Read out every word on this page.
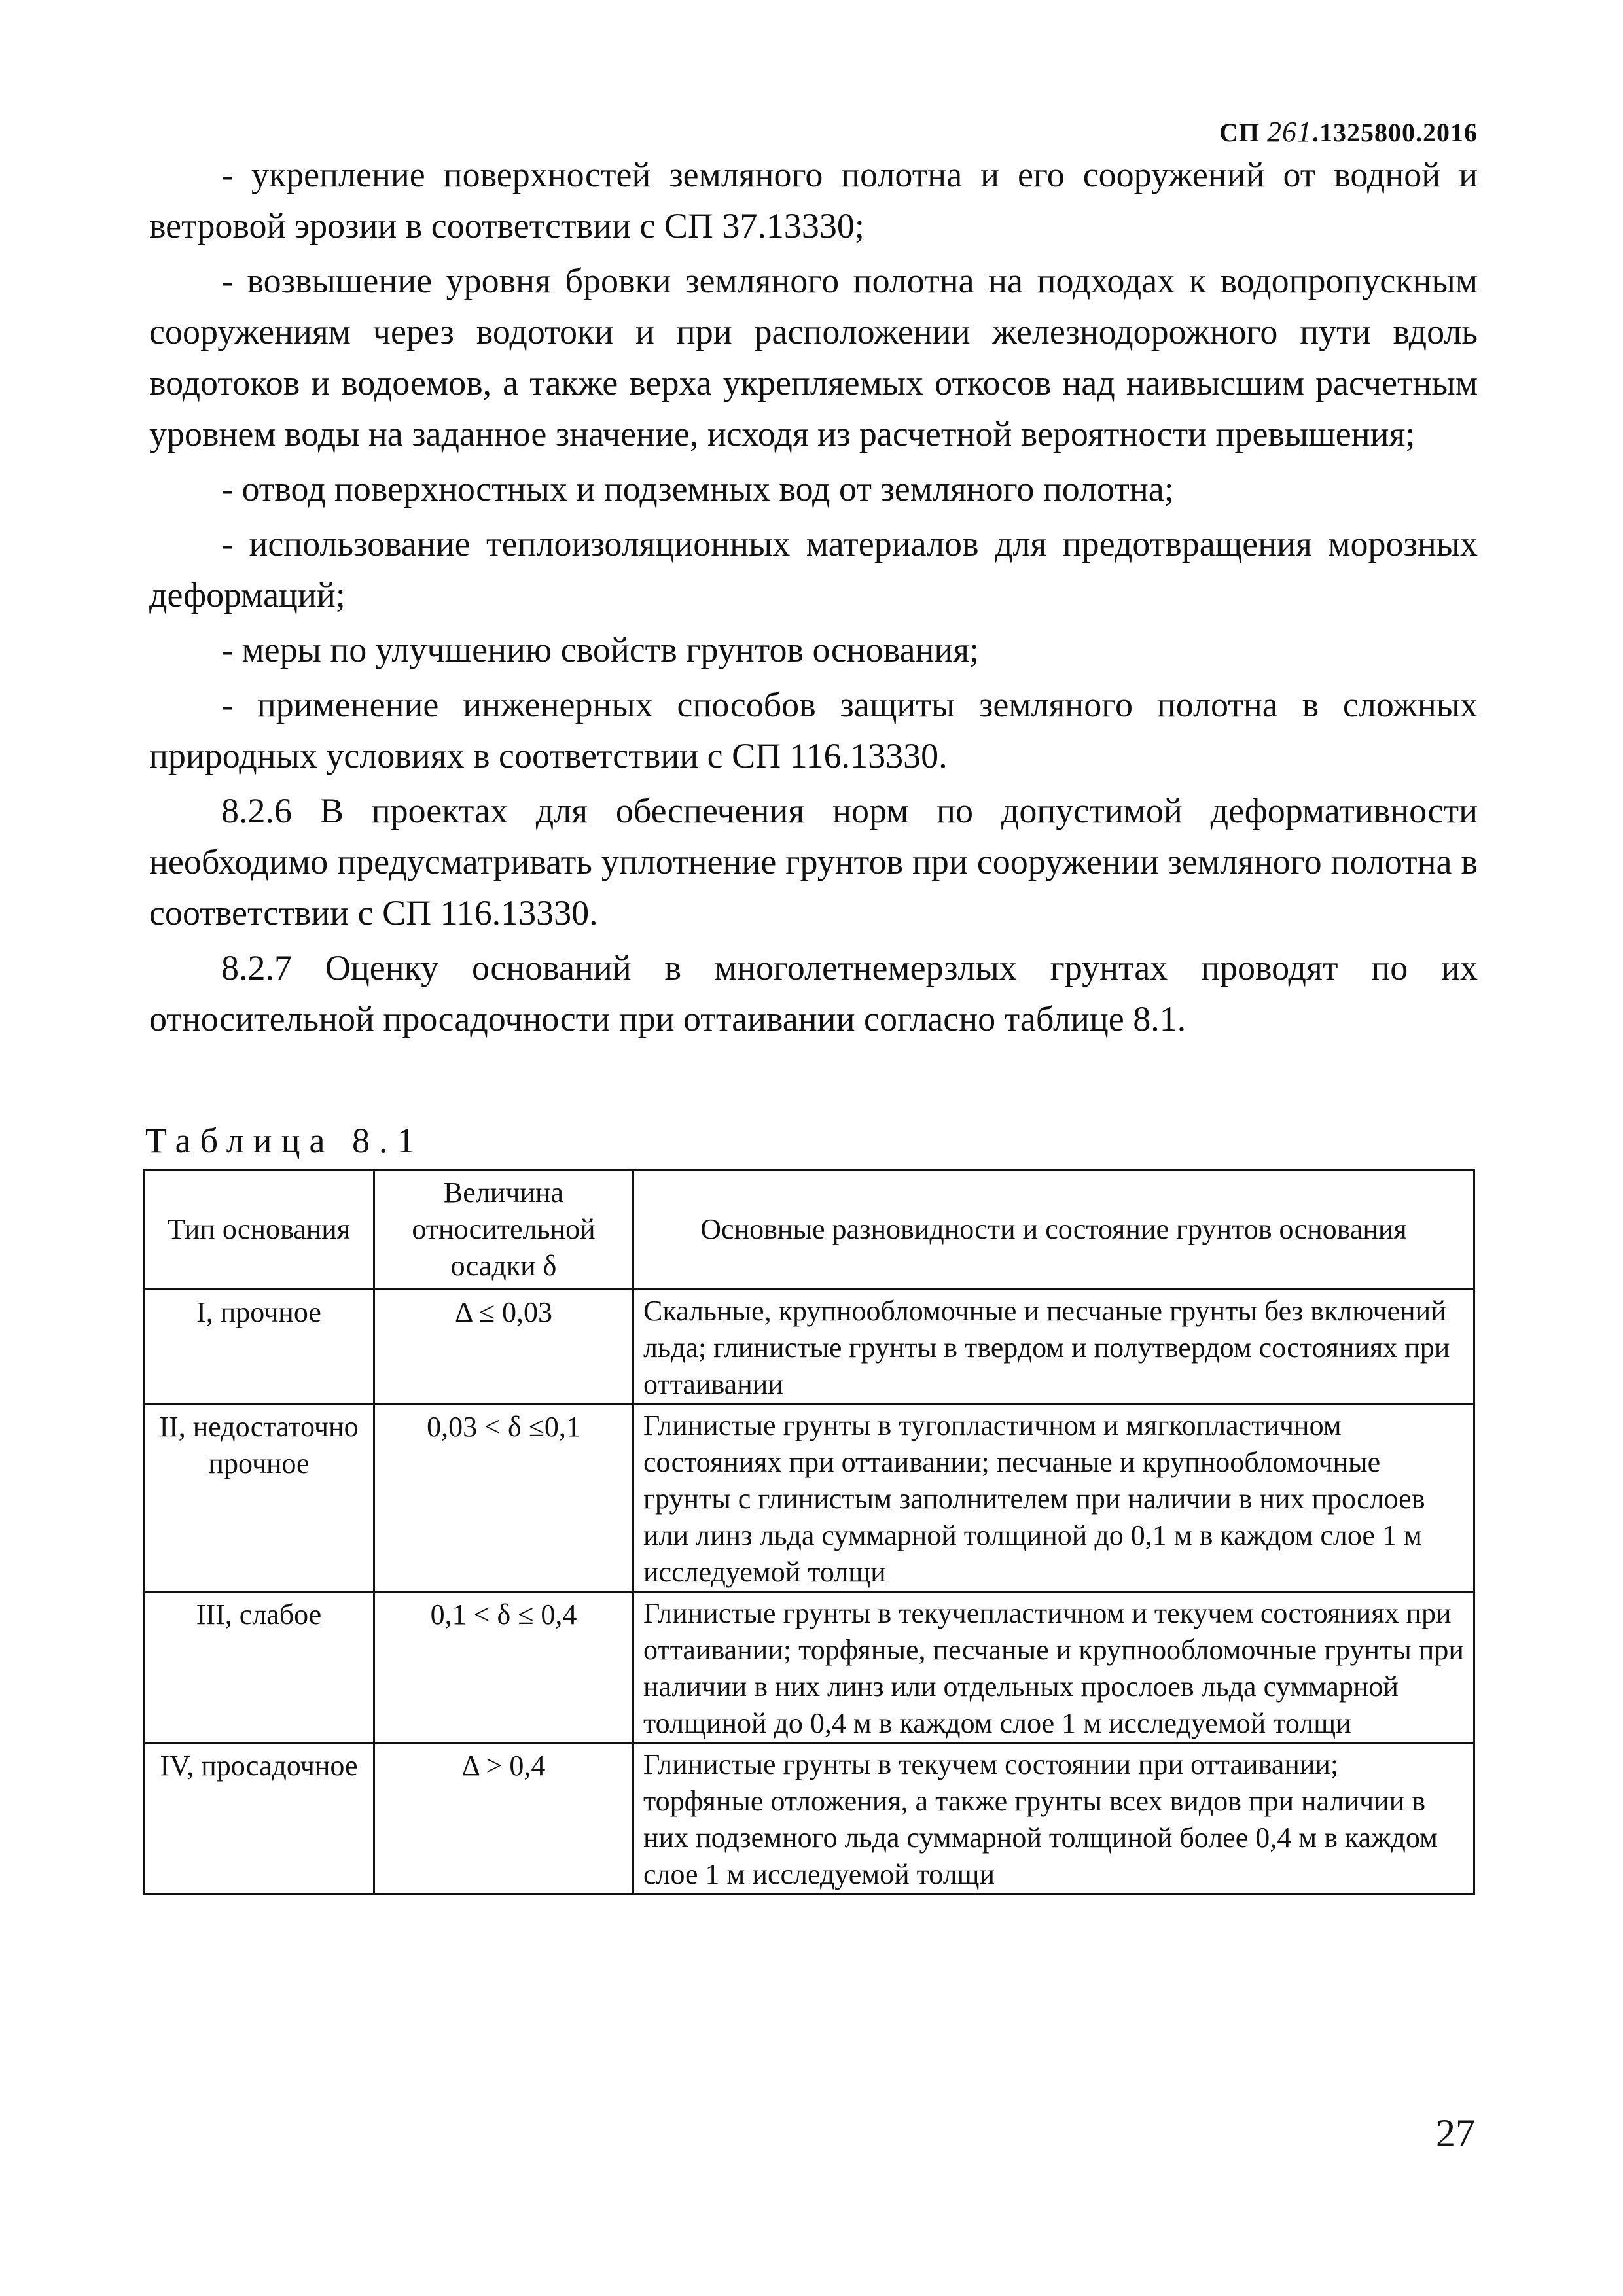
СП 261.1325800.2016

- укрепление поверхностей земляного полотна и его сооружений от водной и ветровой эрозии в соответствии с СП 37.13330;

- возвышение уровня бровки земляного полотна на подходах к водопропускным сооружениям через водотоки и при расположении железнодорожного пути вдоль водотоков и водоемов, а также верха укрепляемых откосов над наивысшим расчетным уровнем воды на заданное значение, исходя из расчетной вероятности превышения;

- отвод поверхностных и подземных вод от земляного полотна;

- использование теплоизоляционных материалов для предотвращения морозных деформаций;

- меры по улучшению свойств грунтов основания;

- применение инженерных способов защиты земляного полотна в сложных природных условиях в соответствии с СП 116.13330.

8.2.6 В проектах для обеспечения норм по допустимой деформативности необходимо предусматривать уплотнение грунтов при сооружении земляного полотна в соответствии с СП 116.13330.

8.2.7 Оценку оснований в многолетнемерзлых грунтах проводят по их относительной просадочности при оттаивании согласно таблице 8.1.

Таблица 8.1
Тип основания	Величина относительной осадки δ	Основные разновидности и состояние грунтов основания
I, прочное	Δ ≤ 0,03	Скальные, крупнообломочные и песчаные грунты без включений льда; глинистые грунты в твердом и полутвердом состояниях при оттаивании
II, недостаточно прочное	0,03 < δ ≤0,1	Глинистые грунты в тугопластичном и мягкопластичном состояниях при оттаивании; песчаные и крупнообломочные грунты с глинистым заполнителем при наличии в них прослоев или линз льда суммарной толщиной до 0,1 м в каждом слое 1 м исследуемой толщи
III, слабое	0,1 < δ ≤ 0,4	Глинистые грунты в текучепластичном и текучем состояниях при оттаивании; торфяные, песчаные и крупнообломочные грунты при наличии в них линз или отдельных прослоев льда суммарной толщиной до 0,4 м в каждом слое 1 м исследуемой толщи
IV, просадочное	Δ > 0,4	Глинистые грунты в текучем состоянии при оттаивании; торфяные отложения, а также грунты всех видов при наличии в них подземного льда суммарной толщиной более 0,4 м в каждом слое 1 м исследуемой толщи
27
